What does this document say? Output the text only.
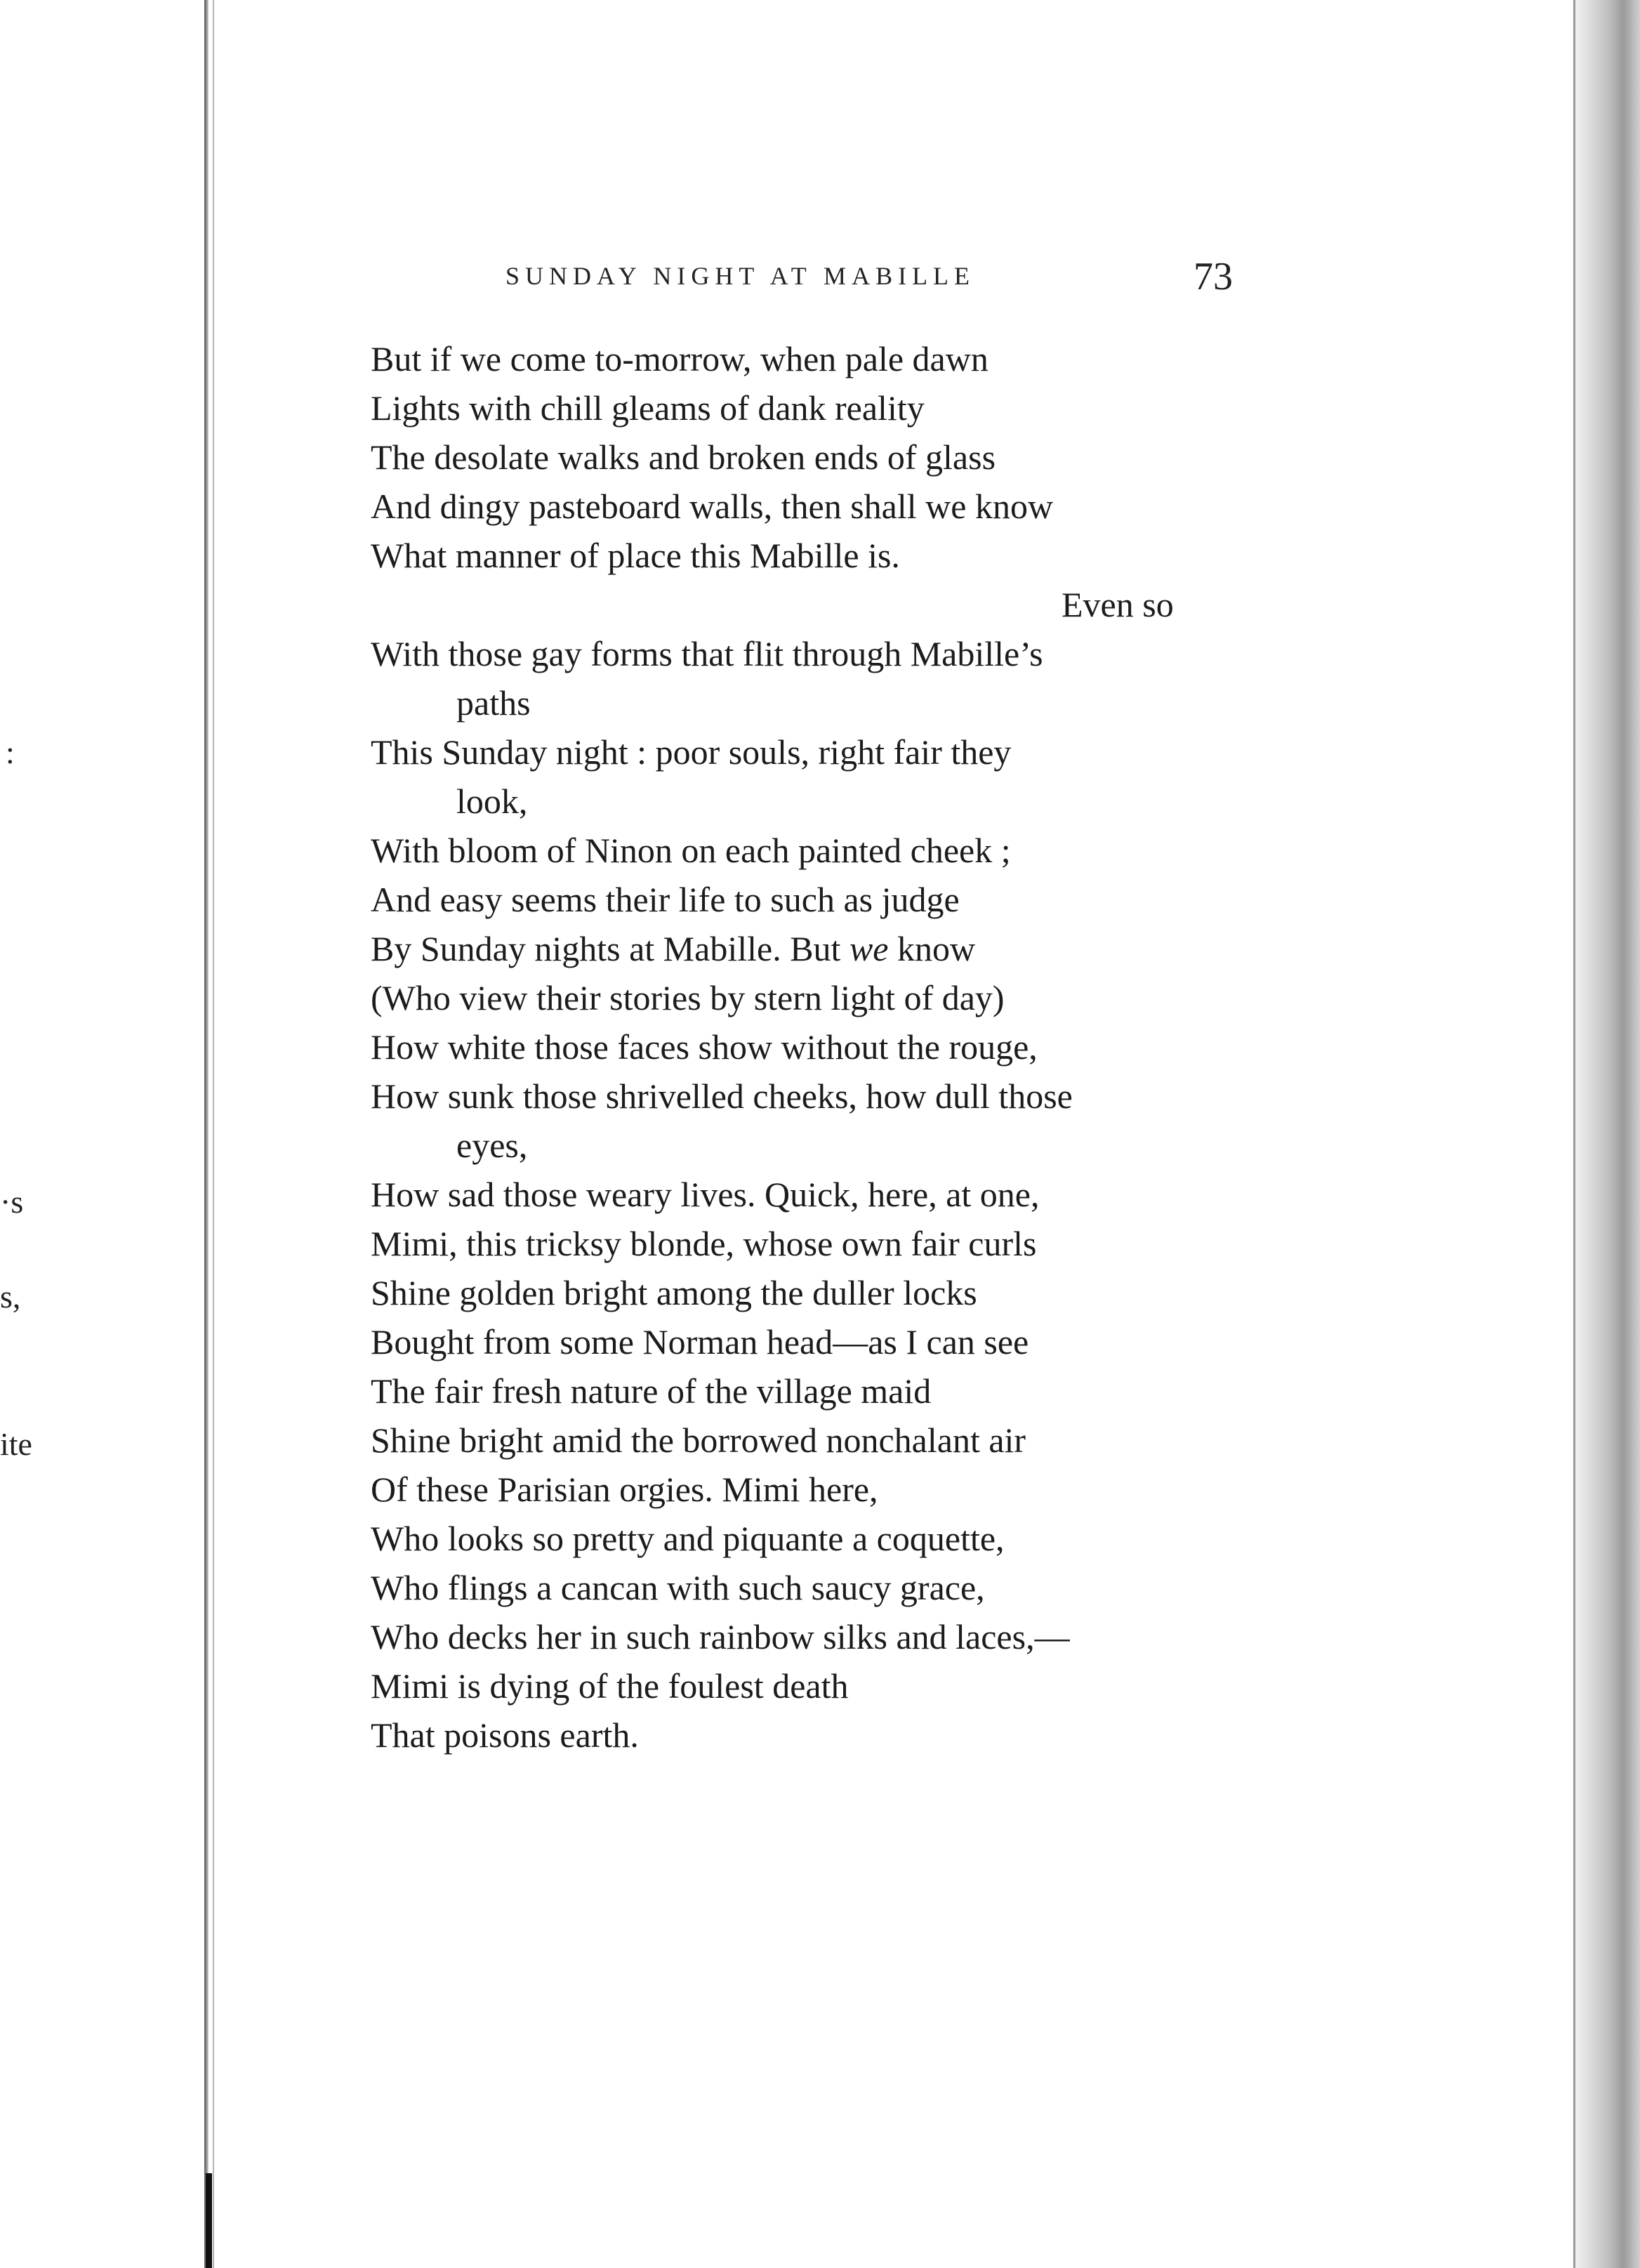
:
·s
s,
ite
SUNDAY NIGHT AT MABILLE	73
But if we come to-morrow, when pale dawn
Lights with chill gleams of dank reality
The desolate walks and broken ends of glass
And dingy pasteboard walls, then shall we know
What manner of place this Mabille is.
Even so
With those gay forms that flit through Mabille’s
paths
This Sunday night : poor souls, right fair they
look,
With bloom of Ninon on each painted cheek ;
And easy seems their life to such as judge
By Sunday nights at Mabille. But we know
(Who view their stories by stern light of day)
How white those faces show without the rouge,
How sunk those shrivelled cheeks, how dull those
eyes,
How sad those weary lives. Quick, here, at one,
Mimi, this tricksy blonde, whose own fair curls
Shine golden bright among the duller locks
Bought from some Norman head—as I can see
The fair fresh nature of the village maid
Shine bright amid the borrowed nonchalant air
Of these Parisian orgies. Mimi here,
Who looks so pretty and piquante a coquette,
Who flings a cancan with such saucy grace,
Who decks her in such rainbow silks and laces,—
Mimi is dying of the foulest death
That poisons earth.
